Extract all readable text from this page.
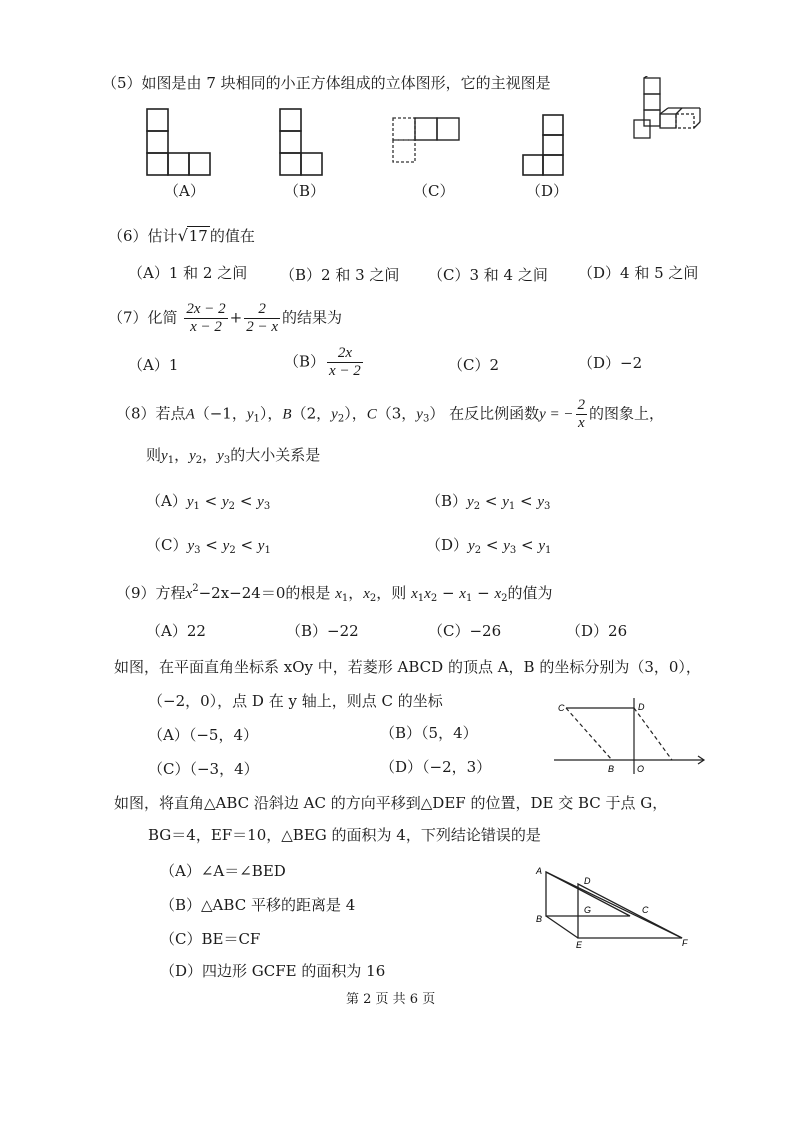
（5）如图是由 7 块相同的小正方体组成的立体图形，它的主视图是
（A）	（B）	（C）	（D）
（6）估计√17 的值在
（A）1 和 2 之间 （B）2 和 3 之间 （C）3 和 4 之间 （D）4 和 5 之间
（7）化简 $\frac{2x - 2}{x - 2} + \frac{2}{2 - x}$ 的结果为
（A）1	$(B) \frac{2x}{x - 2}$	（C）2	（D）−2
（8）若点A（−1，$y_1$），B（2，$y_2$），C（3，$y_3$） 在反比例函数y = − $\frac{2}{x}$ 的图象上，
则$y_1$，$y_2$，$y_3$的大小关系是
$(A)y_1 < y_2 < y_3$	$(B)y_2 < y_1 < y_3$
$(C)y_3 < y_2 < y_1$	$(D)y_2 < y_3 < y_1$
（9）方程$x^2-2x-24=0$的根是 $x_1$，$x_2$，则 $x_1x_2 - x_1 - x_2$的值为
（A）22	（B）−22	（C）−26	（D）26
如图，在平面直角坐标系 xOy 中，若菱形 ABCD 的顶点 A，B 的坐标分别为（3，0），
（−2，0），点 D 在 y 轴上，则点 C 的坐标
（A）（−5，4）	（B）（5，4）
（C）（−3，4）	（D）（−2，3）
C	D
B	O
如图，将直角△ABC 沿斜边 AC 的方向平移到△DEF 的位置，DE 交 BC 于点 G，
BG＝4，EF＝10，△BEG 的面积为 4，下列结论错误的是
（A）∠A＝∠BED
（B）△ABC 平移的距离是 4
（C）BE＝CF
（D）四边形 GCFE 的面积为 16
A
D
G	C
B
E	F
第 2 页 共 6 页
